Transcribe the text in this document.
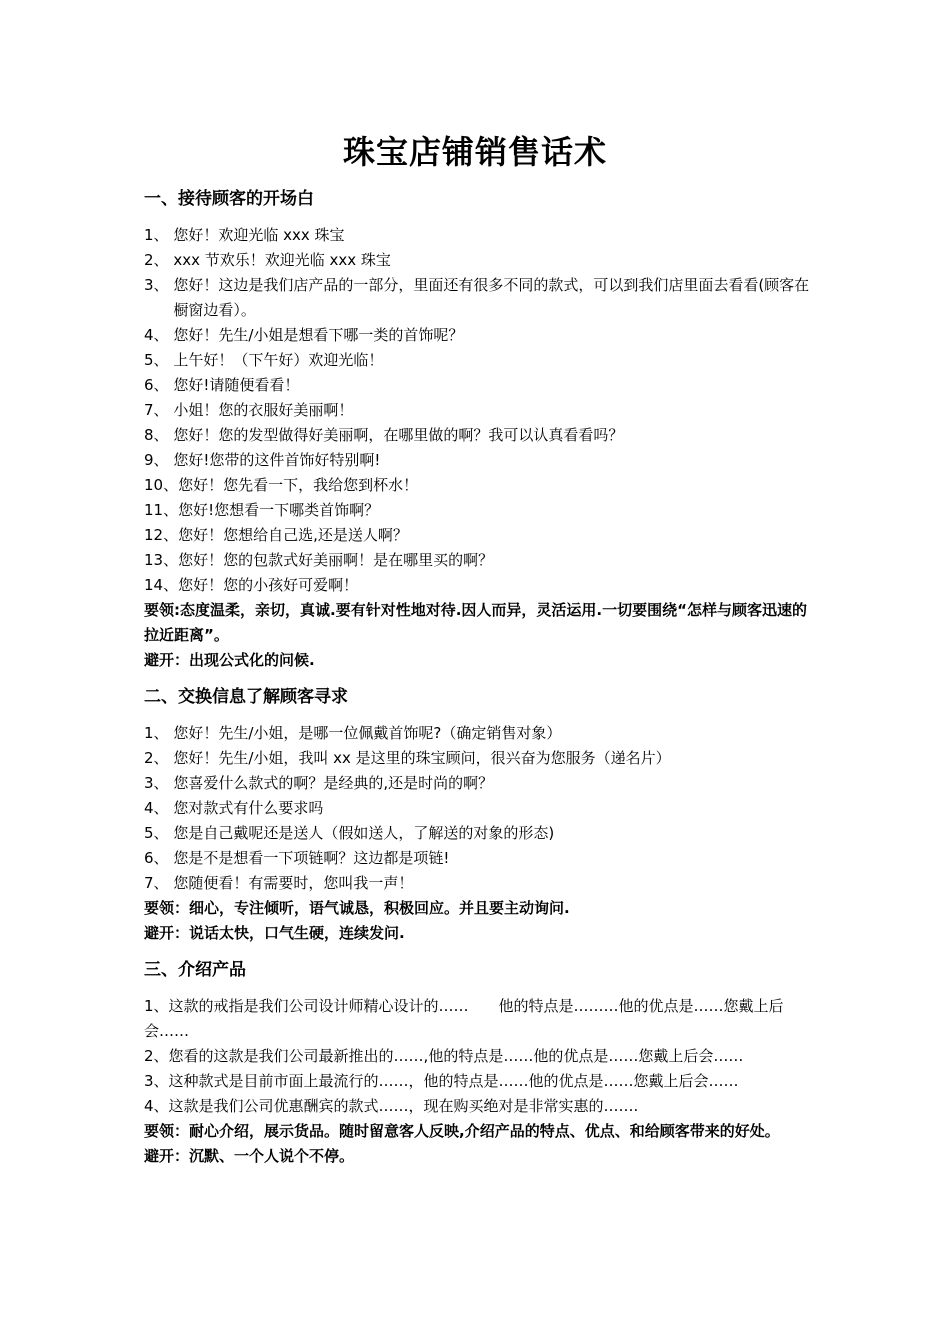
珠宝店铺销售话术
一、接待顾客的开场白
1、 您好！欢迎光临 xxx 珠宝
2、 xxx 节欢乐！欢迎光临 xxx 珠宝
3、 您好！这边是我们店产品的一部分，里面还有很多不同的款式，可以到我们店里面去看看(顾客在橱窗边看）。
4、 您好！先生/小姐是想看下哪一类的首饰呢？
5、 上午好！（下午好）欢迎光临！
6、 您好!请随便看看！
7、 小姐！您的衣服好美丽啊！
8、 您好！您的发型做得好美丽啊，在哪里做的啊？我可以认真看看吗？
9、 您好!您带的这件首饰好特别啊!
10、 您好！您先看一下，我给您到杯水！
11、 您好!您想看一下哪类首饰啊？
12、 您好！您想给自己选,还是送人啊？
13、 您好！您的包款式好美丽啊！是在哪里买的啊？
14、 您好！您的小孩好可爱啊！
要领:态度温柔，亲切，真诚.要有针对性地对待.因人而异，灵活运用.一切要围绕“怎样与顾客迅速的拉近距离”。
避开：出现公式化的问候.
二、交换信息了解顾客寻求
1、 您好！先生/小姐，是哪一位佩戴首饰呢?（确定销售对象）
2、 您好！先生/小姐，我叫 xx 是这里的珠宝顾问，很兴奋为您服务（递名片）
3、 您喜爱什么款式的啊？是经典的,还是时尚的啊？
4、 您对款式有什么要求吗
5、 您是自己戴呢还是送人（假如送人，了解送的对象的形态)
6、 您是不是想看一下项链啊？这边都是项链!
7、 您随便看！有需要时，您叫我一声！
要领：细心，专注倾听，语气诚恳，积极回应。并且要主动询问.
避开：说话太快，口气生硬，连续发问.
三、介绍产品
1、这款的戒指是我们公司设计师精心设计的……　　他的特点是………他的优点是……您戴上后会……
2、您看的这款是我们公司最新推出的……,他的特点是……他的优点是……您戴上后会……
3、这种款式是目前市面上最流行的……，他的特点是……他的优点是……您戴上后会……
4、这款是我们公司优惠酬宾的款式……，现在购买绝对是非常实惠的…….
要领：耐心介绍，展示货品。随时留意客人反映,介绍产品的特点、优点、和给顾客带来的好处。
避开：沉默、一个人说个不停。
